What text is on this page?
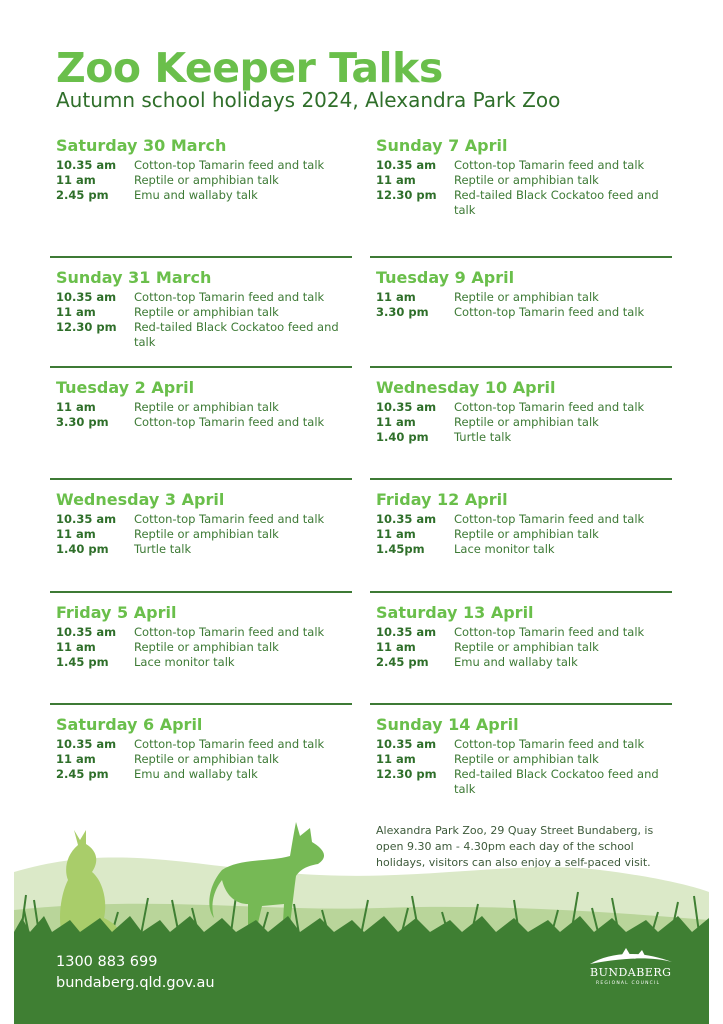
Zoo Keeper Talks
Autumn school holidays 2024, Alexandra Park Zoo
Saturday 30 March
10.35 am	Cotton-top Tamarin feed and talk
11 am	Reptile or amphibian talk
2.45 pm	Emu and wallaby talk
Sunday 7 April
10.35 am	Cotton-top Tamarin feed and talk
11 am	Reptile or amphibian talk
12.30 pm	Red-tailed Black Cockatoo feed and talk
Sunday 31 March
10.35 am	Cotton-top Tamarin feed and talk
11 am	Reptile or amphibian talk
12.30 pm	Red-tailed Black Cockatoo feed and talk
Tuesday 9 April
11 am	Reptile or amphibian talk
3.30 pm	Cotton-top Tamarin feed and talk
Tuesday 2 April
11 am	Reptile or amphibian talk
3.30 pm	Cotton-top Tamarin feed and talk
Wednesday 10 April
10.35 am	Cotton-top Tamarin feed and talk
11 am	Reptile or amphibian talk
1.40 pm	Turtle talk
Wednesday 3 April
10.35 am	Cotton-top Tamarin feed and talk
11 am	Reptile or amphibian talk
1.40 pm	Turtle talk
Friday 12 April
10.35 am	Cotton-top Tamarin feed and talk
11 am	Reptile or amphibian talk
1.45pm	Lace monitor talk
Friday 5 April
10.35 am	Cotton-top Tamarin feed and talk
11 am	Reptile or amphibian talk
1.45 pm	Lace monitor talk
Saturday 13 April
10.35 am	Cotton-top Tamarin feed and talk
11 am	Reptile or amphibian talk
2.45 pm	Emu and wallaby talk
Saturday 6 April
10.35 am	Cotton-top Tamarin feed and talk
11 am	Reptile or amphibian talk
2.45 pm	Emu and wallaby talk
Sunday 14 April
10.35 am	Cotton-top Tamarin feed and talk
11 am	Reptile or amphibian talk
12.30 pm	Red-tailed Black Cockatoo feed and talk
Alexandra Park Zoo, 29 Quay Street Bundaberg, is open 9.30 am - 4.30pm each day of the school holidays, visitors can also enjoy a self-paced visit.
1300 883 699
bundaberg.qld.gov.au
BUNDABERG
REGIONAL COUNCIL
